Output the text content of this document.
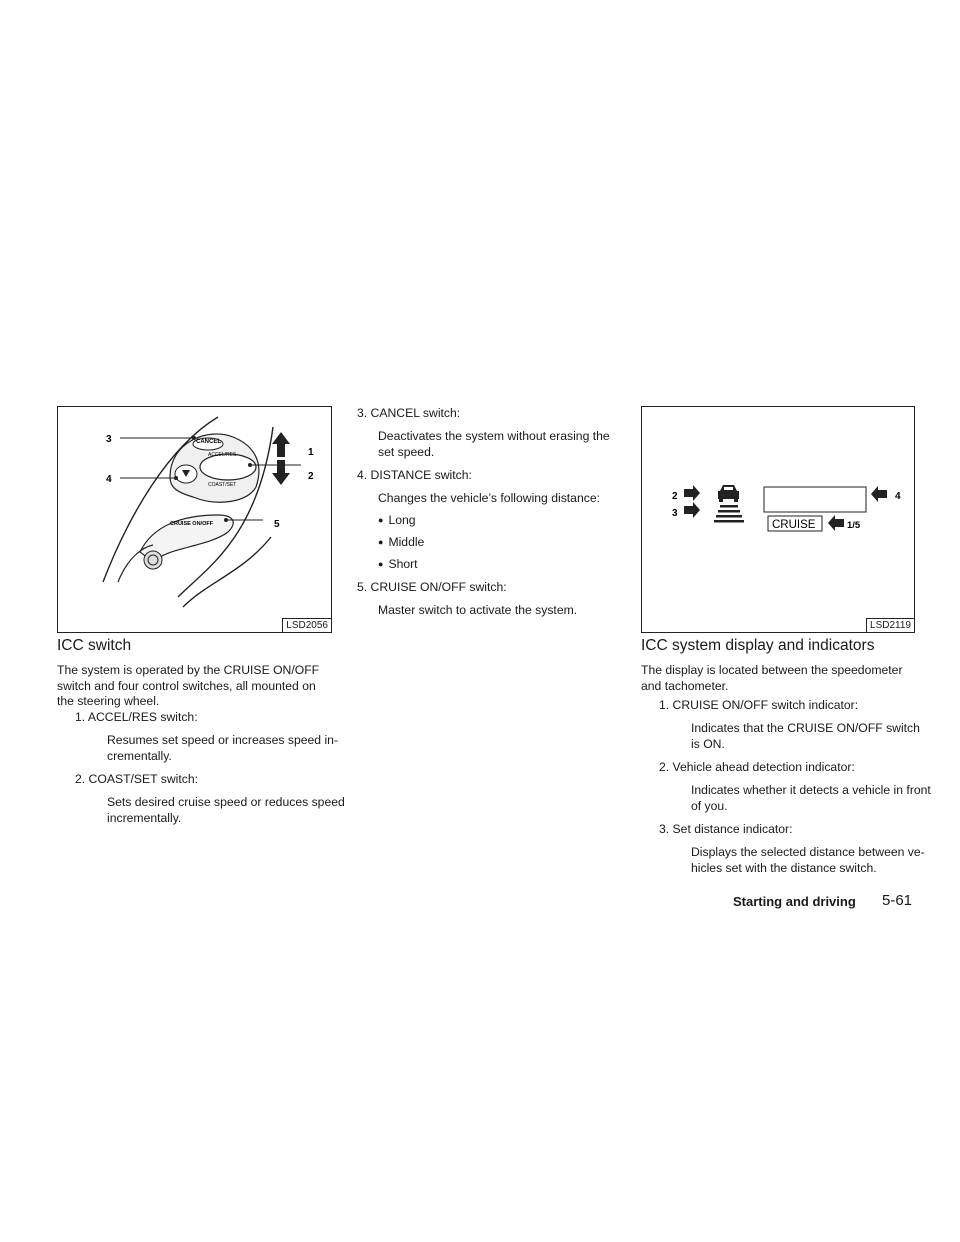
CANCEL
ACCEL/RES
COAST/SET
CRUISE ON/OFF
3
4
1
2
5
LSD2056
ICC switch
The system is operated by the CRUISE ON/OFF
switch and four control switches, all mounted on
the steering wheel.
1. ACCEL/RES switch:
Resumes set speed or increases speed in-
crementally.
2. COAST/SET switch:
Sets desired cruise speed or reduces speed
incrementally.
3. CANCEL switch:
Deactivates the system without erasing the
set speed.
4. DISTANCE switch:
Changes the vehicle’s following distance:
● Long
● Middle
● Short
5. CRUISE ON/OFF switch:
Master switch to activate the system.
2
3
4
CRUISE	1/5
LSD2119
ICC system display and indicators
The display is located between the speedometer
and tachometer.
1. CRUISE ON/OFF switch indicator:
Indicates that the CRUISE ON/OFF switch
is ON.
2. Vehicle ahead detection indicator:
Indicates whether it detects a vehicle in front
of you.
3. Set distance indicator:
Displays the selected distance between ve-
hicles set with the distance switch.
Starting and driving 5-61
